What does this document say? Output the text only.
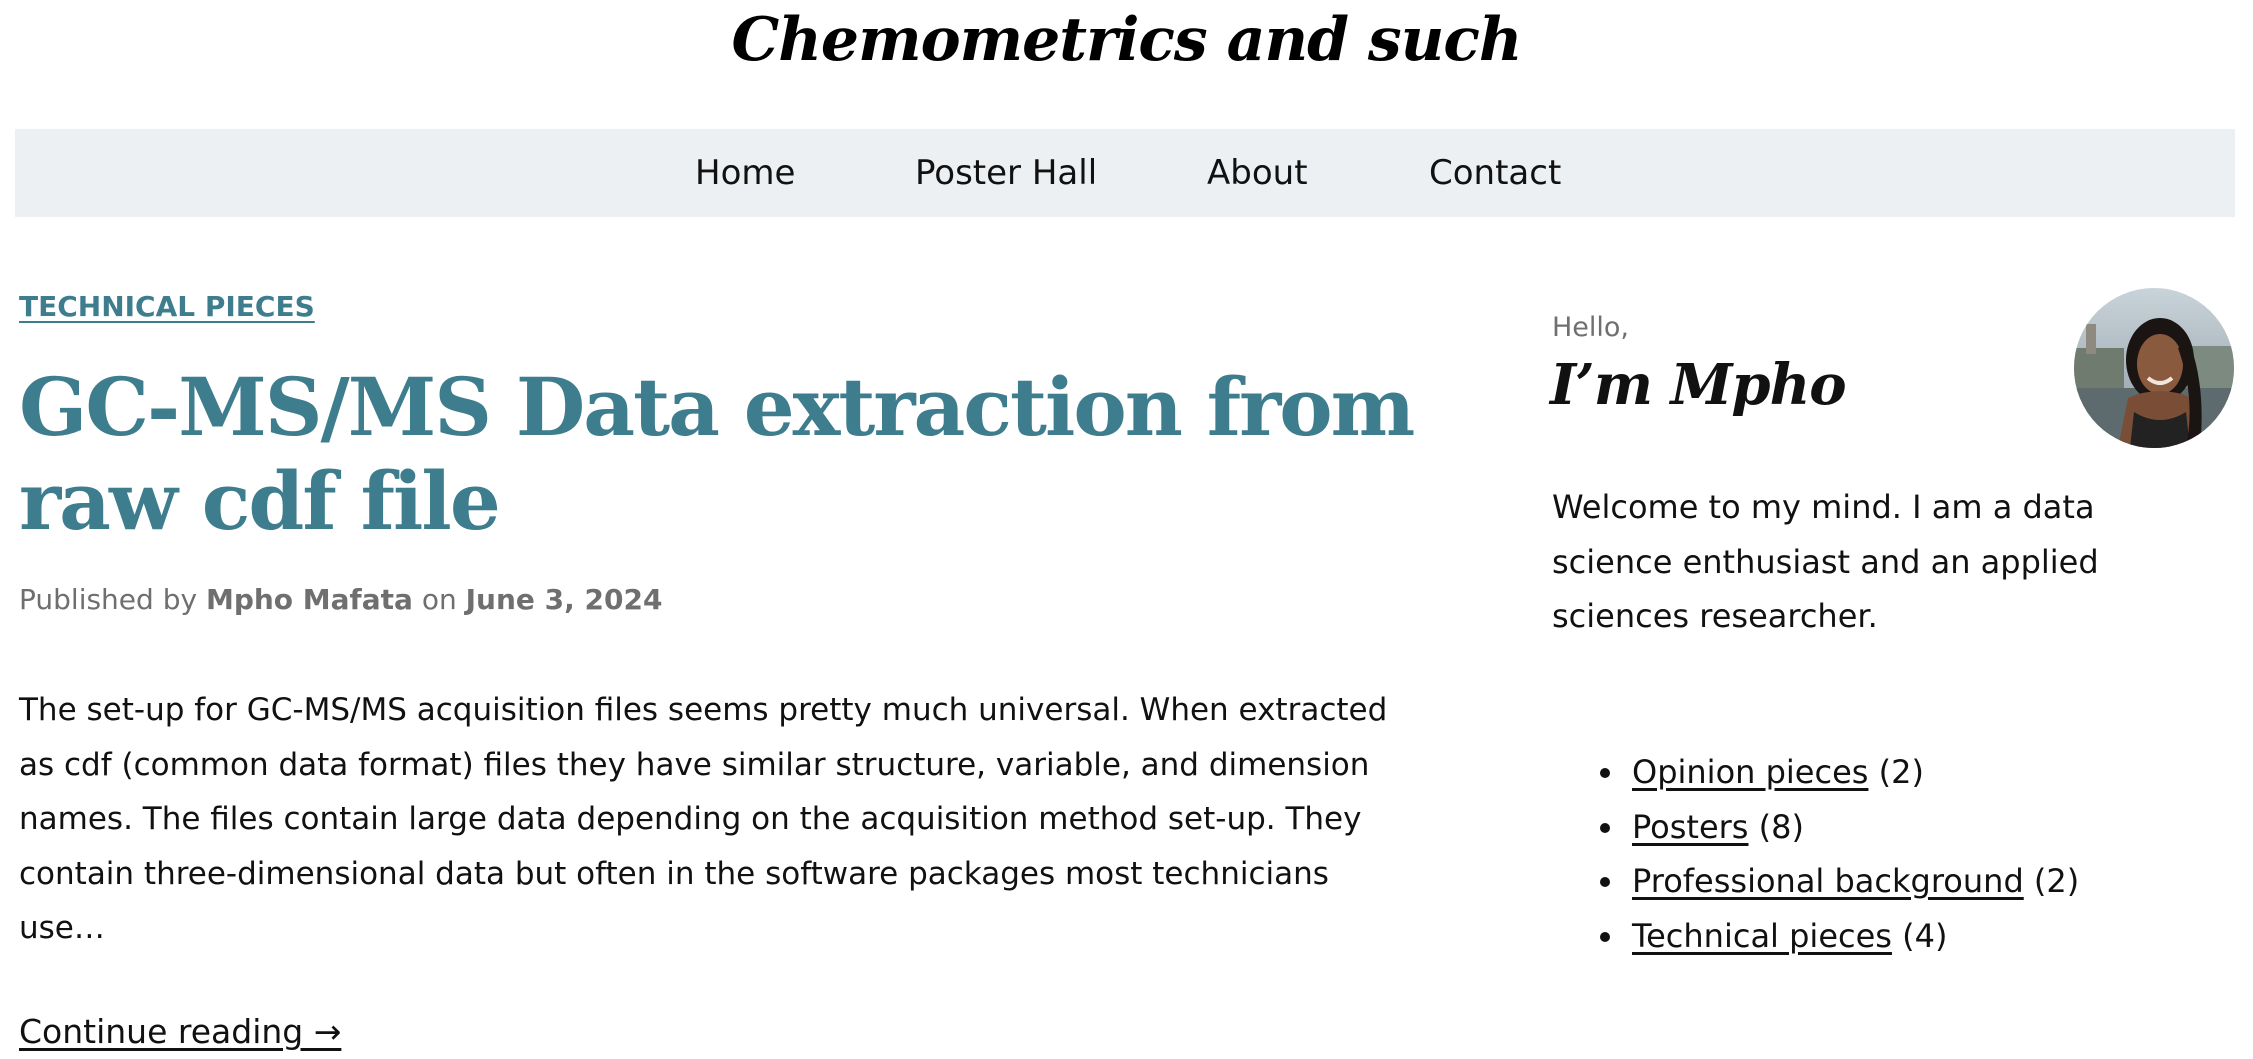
Chemometrics and such
Home	Poster Hall	About	Contact
TECHNICAL PIECES
GC-MS/MS Data extraction from raw cdf file
Published by Mpho Mafata on June 3, 2024

The set-up for GC-MS/MS acquisition files seems pretty much universal. When extracted as cdf (common data format) files they have similar structure, variable, and dimension names. The files contain large data depending on the acquisition method set-up. They contain three-dimensional data but often in the software packages most technicians use…

Continue reading →
Hello,
I’m Mpho

Welcome to my mind. I am a data science enthusiast and an applied sciences researcher.

Opinion pieces (2)
Posters (8)
Professional background (2)
Technical pieces (4)
